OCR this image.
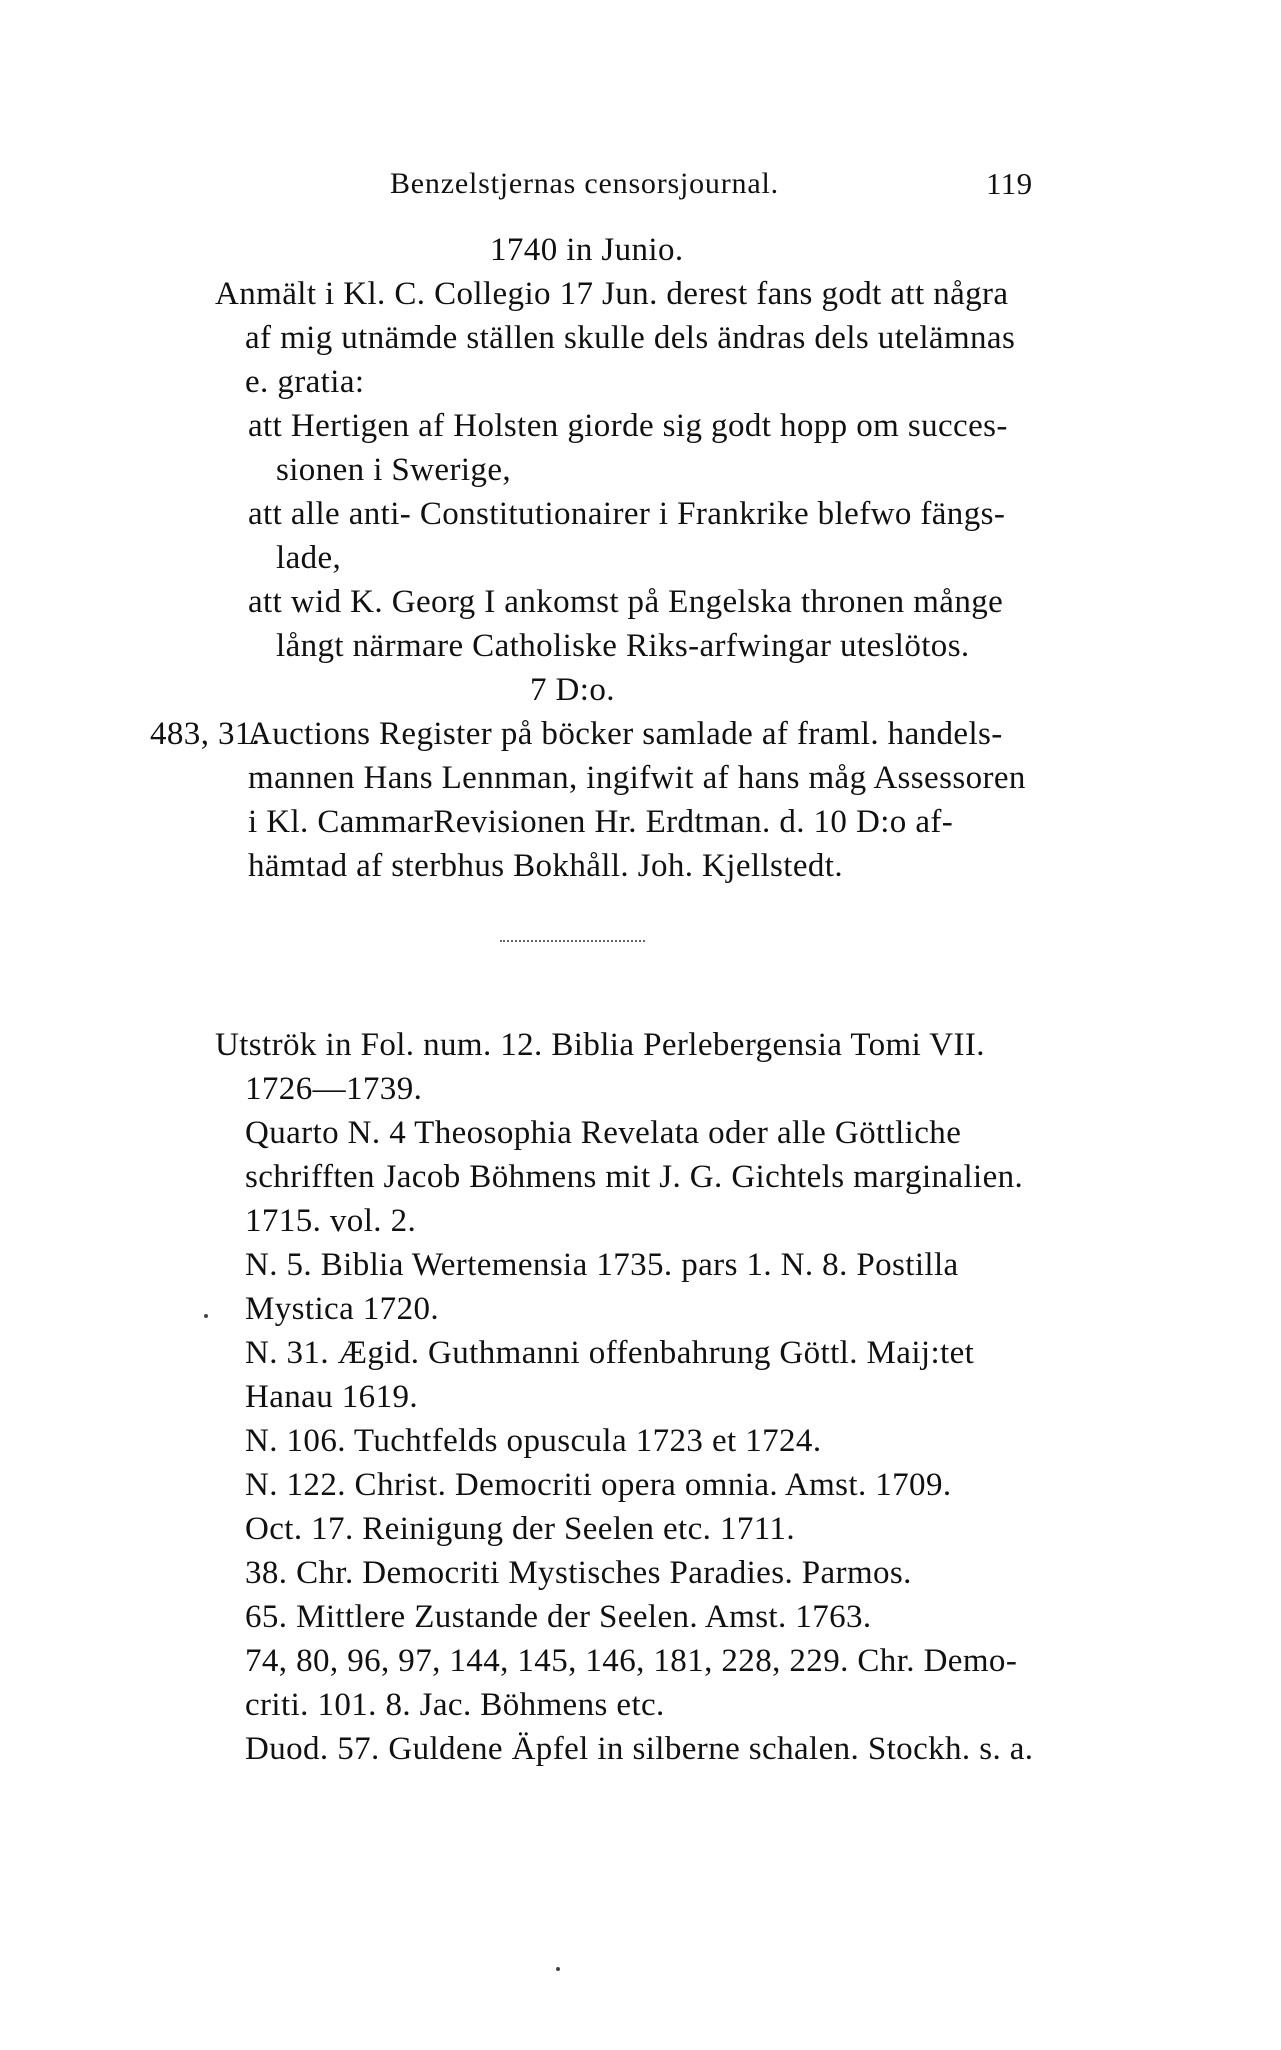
Benzelstjernas censorsjournal.	119
1740 in Junio.
Anmält i Kl. C. Collegio 17 Jun. derest fans godt att några
af mig utnämde ställen skulle dels ändras dels utelämnas
e. gratia:
att Hertigen af Holsten giorde sig godt hopp om succes-
sionen i Swerige,
att alle anti- Constitutionairer i Frankrike blefwo fängs-
lade,
att wid K. Georg I ankomst på Engelska thronen månge
långt närmare Catholiske Riks-arfwingar uteslötos.
7 D:o.
483, 31.
Auctions Register på böcker samlade af framl. handels-
mannen Hans Lennman, ingifwit af hans måg Assessoren
i Kl. CammarRevisionen Hr. Erdtman. d. 10 D:o af-
hämtad af sterbhus Bokhåll. Joh. Kjellstedt.
Utströk in Fol. num. 12. Biblia Perlebergensia Tomi VII.
1726—1739.
Quarto N. 4 Theosophia Revelata oder alle Göttliche
schrifften Jacob Böhmens mit J. G. Gichtels marginalien.
1715. vol. 2.
N. 5. Biblia Wertemensia 1735. pars 1. N. 8. Postilla
Mystica 1720.
N. 31. Ægid. Guthmanni offenbahrung Göttl. Maij:tet
Hanau 1619.
N. 106. Tuchtfelds opuscula 1723 et 1724.
N. 122. Christ. Democriti opera omnia. Amst. 1709.
Oct. 17. Reinigung der Seelen etc. 1711.
38. Chr. Democriti Mystisches Paradies. Parmos.
65. Mittlere Zustande der Seelen. Amst. 1763.
74, 80, 96, 97, 144, 145, 146, 181, 228, 229. Chr. Demo-
criti. 101. 8. Jac. Böhmens etc.
Duod. 57. Guldene Äpfel in silberne schalen. Stockh. s. a.
